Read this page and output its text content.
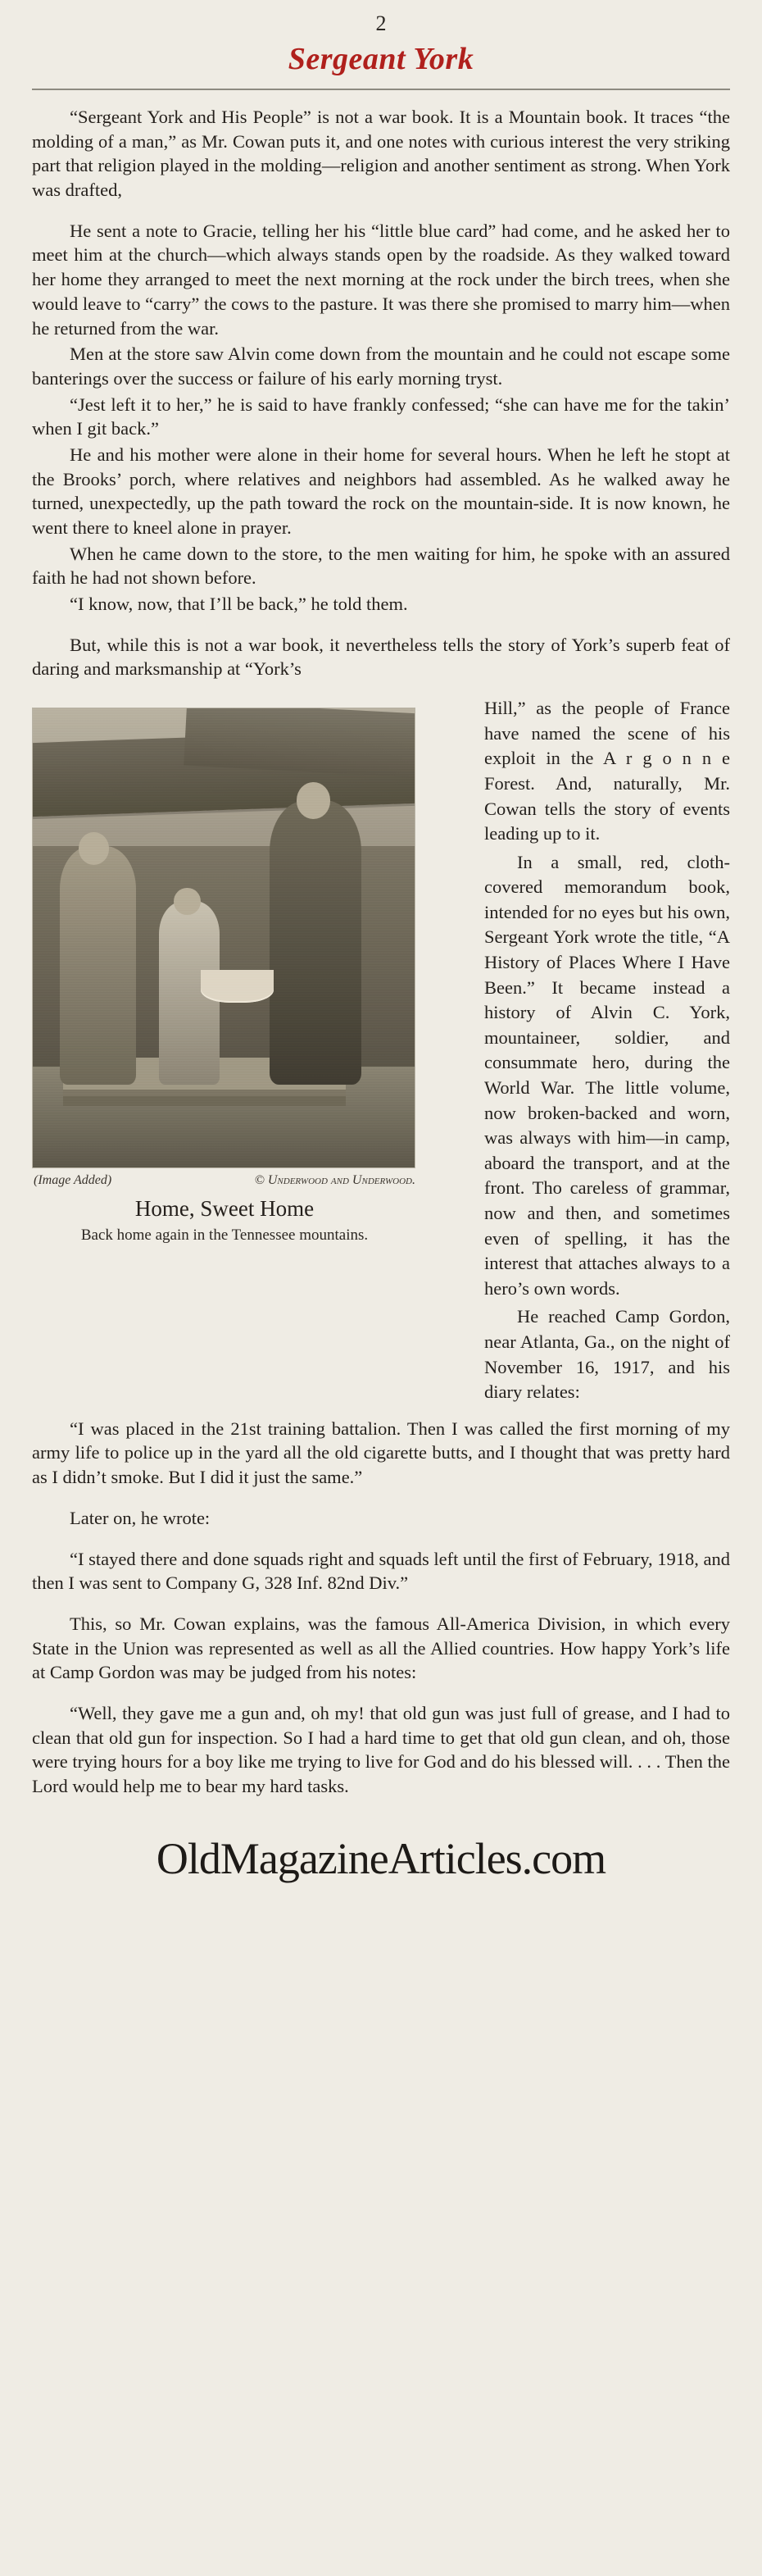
2
Sergeant York

“Sergeant York and His People” is not a war book. It is a Mountain book. It traces “the molding of a man,” as Mr. Cowan puts it, and one notes with curious interest the very striking part that religion played in the molding—religion and another sentiment as strong. When York was drafted,

He sent a note to Gracie, telling her his “little blue card” had come, and he asked her to meet him at the church—which always stands open by the roadside. As they walked toward her home they arranged to meet the next morning at the rock under the birch trees, when she would leave to “carry” the cows to the pasture. It was there she promised to marry him—when he returned from the war.

Men at the store saw Alvin come down from the mountain and he could not escape some banterings over the success or failure of his early morning tryst.

“Jest left it to her,” he is said to have frankly confessed; “she can have me for the takin’ when I git back.”

He and his mother were alone in their home for several hours. When he left he stopt at the Brooks’ porch, where relatives and neighbors had assembled. As he walked away he turned, unexpectedly, up the path toward the rock on the mountain-side. It is now known, he went there to kneel alone in prayer.

When he came down to the store, to the men waiting for him, he spoke with an assured faith he had not shown before.

“I know, now, that I’ll be back,” he told them.

But, while this is not a war book, it nevertheless tells the story of York’s superb feat of daring and marksmanship at “York’s

Hill,” as the people of France have named the scene of his exploit in the A r g o n n e Forest. And, naturally, Mr. Cowan tells the story of events leading up to it.

In a small, red, cloth-covered memorandum book, intended for no eyes but his own, Sergeant York wrote the title, “A History of Places Where I Have Been.” It became instead a history of Alvin C. York, mountaineer, soldier, and consummate hero, during the World War. The little volume, now broken-backed and worn, was always with him—in camp, aboard the transport, and at the front. Tho careless of grammar, now and then, and sometimes even of spelling, it has the interest that attaches always to a hero’s own words.

He reached Camp Gordon, near Atlanta, Ga., on the night of November 16, 1917, and his diary relates:

(Image Added)	© Underwood and Underwood.
Home, Sweet Home
Back home again in the Tennessee mountains.

“I was placed in the 21st training battalion. Then I was called the first morning of my army life to police up in the yard all the old cigarette butts, and I thought that was pretty hard as I didn’t smoke. But I did it just the same.”

Later on, he wrote:

“I stayed there and done squads right and squads left until the first of February, 1918, and then I was sent to Company G, 328 Inf. 82nd Div.”

This, so Mr. Cowan explains, was the famous All-America Division, in which every State in the Union was represented as well as all the Allied countries. How happy York’s life at Camp Gordon was may be judged from his notes:

“Well, they gave me a gun and, oh my! that old gun was just full of grease, and I had to clean that old gun for inspection. So I had a hard time to get that old gun clean, and oh, those were trying hours for a boy like me trying to live for God and do his blessed will. . . . Then the Lord would help me to bear my hard tasks.

OldMagazineArticles.com
